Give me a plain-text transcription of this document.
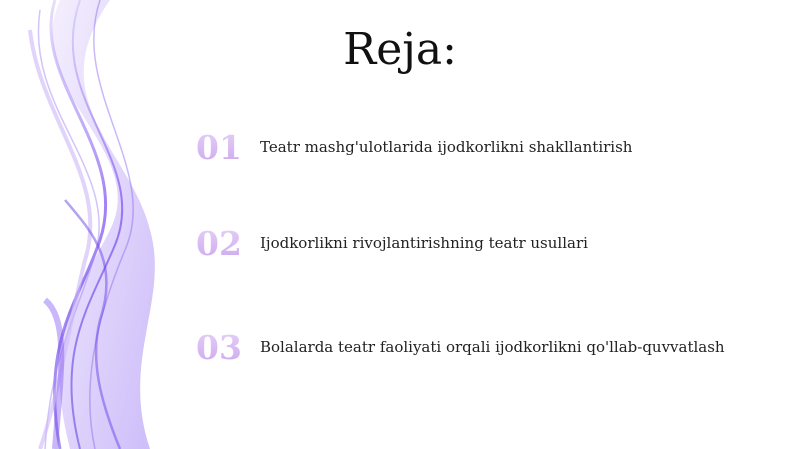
Reja:
01	Teatr mashg'ulotlarida ijodkorlikni shakllantirish
02	Ijodkorlikni rivojlantirishning teatr usullari
03	Bolalarda teatr faoliyati orqali ijodkorlikni qo'llab-quvvatlash
